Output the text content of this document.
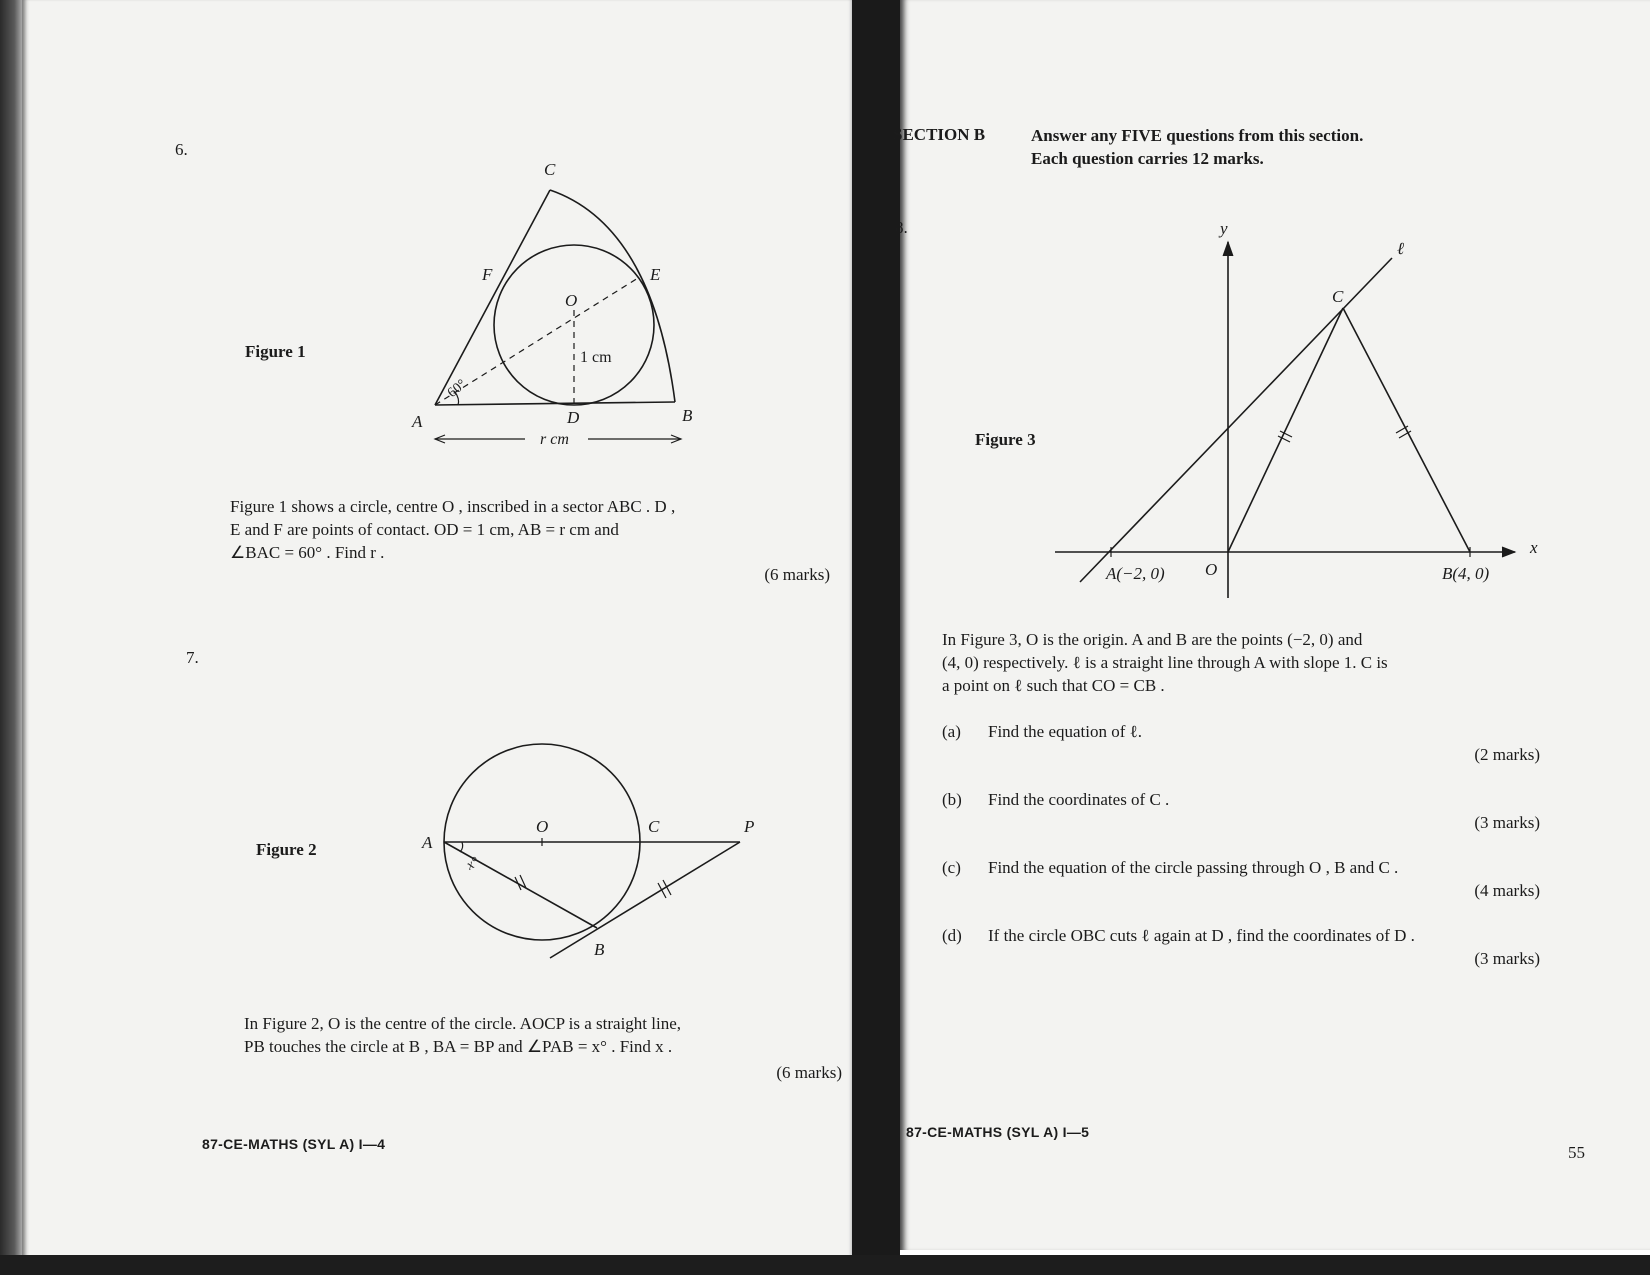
6.
Figure 1
C
F	E
O
1 cm
60°
A	D	B
r cm
Figure 1 shows a circle, centre O , inscribed in a sector ABC . D ,
E and F are points of contact. OD = 1 cm, AB = r cm and
∠BAC = 60° . Find r .
(6 marks)
7.
Figure 2	A
O	C	P
B
x°
In Figure 2, O is the centre of the circle. AOCP is a straight line,
PB touches the circle at B , BA = BP and ∠PAB = x° . Find x .
(6 marks)
87-CE-MATHS (SYL A) I—4
SECTION B	Answer any FIVE questions from this section.
Each question carries 12 marks.
8.
Figure 3
y
x
ℓ
C
A(−2, 0) O	B(4, 0)
In Figure 3, O is the origin. A and B are the points (−2, 0) and
(4, 0) respectively. ℓ is a straight line through A with slope 1. C is
a point on ℓ such that CO = CB .
(a) Find the equation of ℓ.
(2 marks)
(b) Find the coordinates of C .
(3 marks)
(c) Find the equation of the circle passing through O , B and C .
(4 marks)
(d) If the circle OBC cuts ℓ again at D , find the coordinates of D .
(3 marks)
87-CE-MATHS (SYL A) I—5
55
